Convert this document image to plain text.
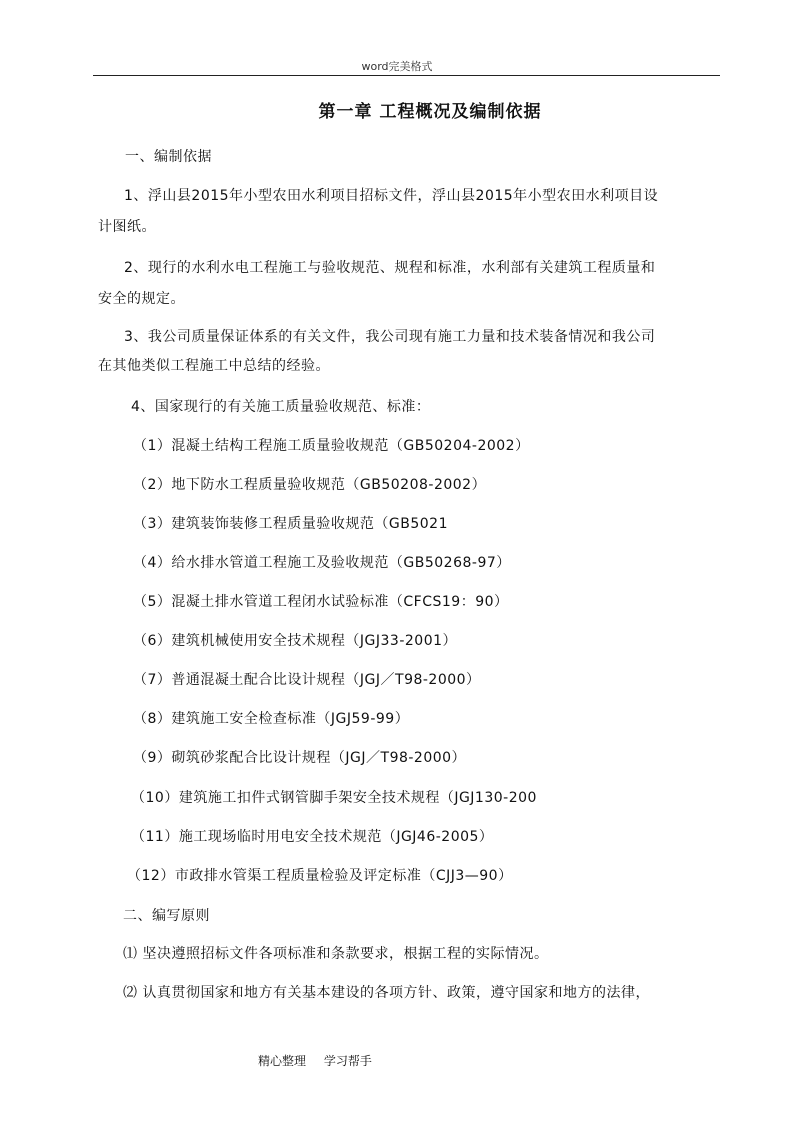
word完美格式
第一章 工程概况及编制依据
一、编制依据
1、浮山县2015年小型农田水利项目招标文件，浮山县2015年小型农田水利项目设
计图纸。
2、现行的水利水电工程施工与验收规范、规程和标准，水利部有关建筑工程质量和
安全的规定。
3、我公司质量保证体系的有关文件，我公司现有施工力量和技术装备情况和我公司
在其他类似工程施工中总结的经验。
4、国家现行的有关施工质量验收规范、标准：
（1）混凝土结构工程施工质量验收规范（GB50204-2002）
（2）地下防水工程质量验收规范（GB50208-2002）
（3）建筑装饰装修工程质量验收规范（GB5021
（4）给水排水管道工程施工及验收规范（GB50268-97）
（5）混凝土排水管道工程闭水试验标准（CFCS19：90）
（6）建筑机械使用安全技术规程（JGJ33-2001）
（7）普通混凝土配合比设计规程（JGJ／T98-2000）
（8）建筑施工安全检查标准（JGJ59-99）
（9）砌筑砂浆配合比设计规程（JGJ／T98-2000）
（10）建筑施工扣件式钢管脚手架安全技术规程（JGJ130-200
（11）施工现场临时用电安全技术规范（JGJ46-2005）
（12）市政排水管渠工程质量检验及评定标准（CJJ3—90）
二、编写原则
⑴ 坚决遵照招标文件各项标准和条款要求，根据工程的实际情况。
⑵ 认真贯彻国家和地方有关基本建设的各项方针、政策，遵守国家和地方的法律，
精心整理 学习帮手
